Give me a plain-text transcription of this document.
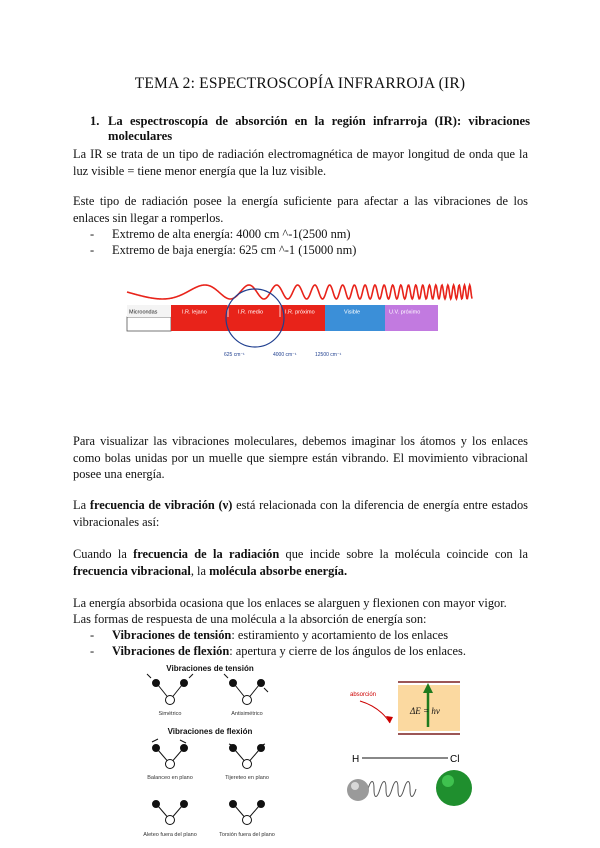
TEMA 2: ESPECTROSCOPÍA INFRARROJA (IR)
1. La espectroscopía de absorción en la región infrarroja (IR): vibraciones moleculares
La IR se trata de un tipo de radiación electromagnética de mayor longitud de onda que la luz visible = tiene menor energía que la luz visible.
Este tipo de radiación posee la energía suficiente para afectar a las vibraciones de los enlaces sin llegar a romperlos.
- Extremo de alta energía: 4000 cm ^-1(2500 nm)
- Extremo de baja energía: 625 cm ^-1 (15000 nm)
Microondas	I.R. lejano	I.R. medio	I.R. próximo	Visible	U.V. próximo
625 cm⁻¹	4000 cm⁻¹	12500 cm⁻¹
Para visualizar las vibraciones moleculares, debemos imaginar los átomos y los enlaces como bolas unidas por un muelle que siempre están vibrando. El movimiento vibracional posee una energía.
La frecuencia de vibración (ν) está relacionada con la diferencia de energía entre estados vibracionales así:
Cuando la frecuencia de la radiación que incide sobre la molécula coincide con la frecuencia vibracional, la molécula absorbe energía.
La energía absorbida ocasiona que los enlaces se alarguen y flexionen con mayor vigor.
Las formas de respuesta de una molécula a la absorción de energía son:
- Vibraciones de tensión: estiramiento y acortamiento de los enlaces
- Vibraciones de flexión: apertura y cierre de los ángulos de los enlaces.
Vibraciones de tensión
Vibraciones de flexión
Simétrico	Antisimétrico
Balanceo en plano	Tijereteo en plano
Aleteo fuera del plano	Torsión fuera del plano
absorción
ΔE = hν
H	Cl
